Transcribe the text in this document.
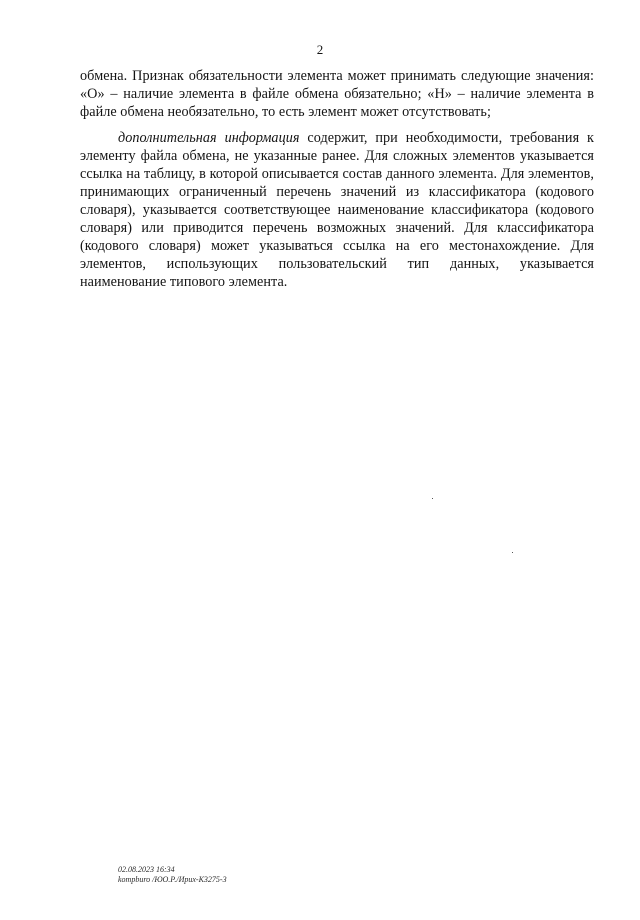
2

обмена. Признак обязательности элемента может принимать следующие значения: «О» – наличие элемента в файле обмена обязательно; «Н» – наличие элемента в файле обмена необязательно, то есть элемент может отсутствовать;

дополнительная информация содержит, при необходимости, требования к элементу файла обмена, не указанные ранее. Для сложных элементов указывается ссылка на таблицу, в которой описывается состав данного элемента. Для элементов, принимающих ограниченный перечень значений из классификатора (кодового словаря), указывается соответствующее наименование классификатора (кодового словаря) или приводится перечень возможных значений. Для классификатора (кодового словаря) может указываться ссылка на его местонахождение. Для элементов, использующих пользовательский тип данных, указывается наименование типового элемента.

02.08.2023 16:34
kompburo /ЮО.Р./Ирих-К3275-3
